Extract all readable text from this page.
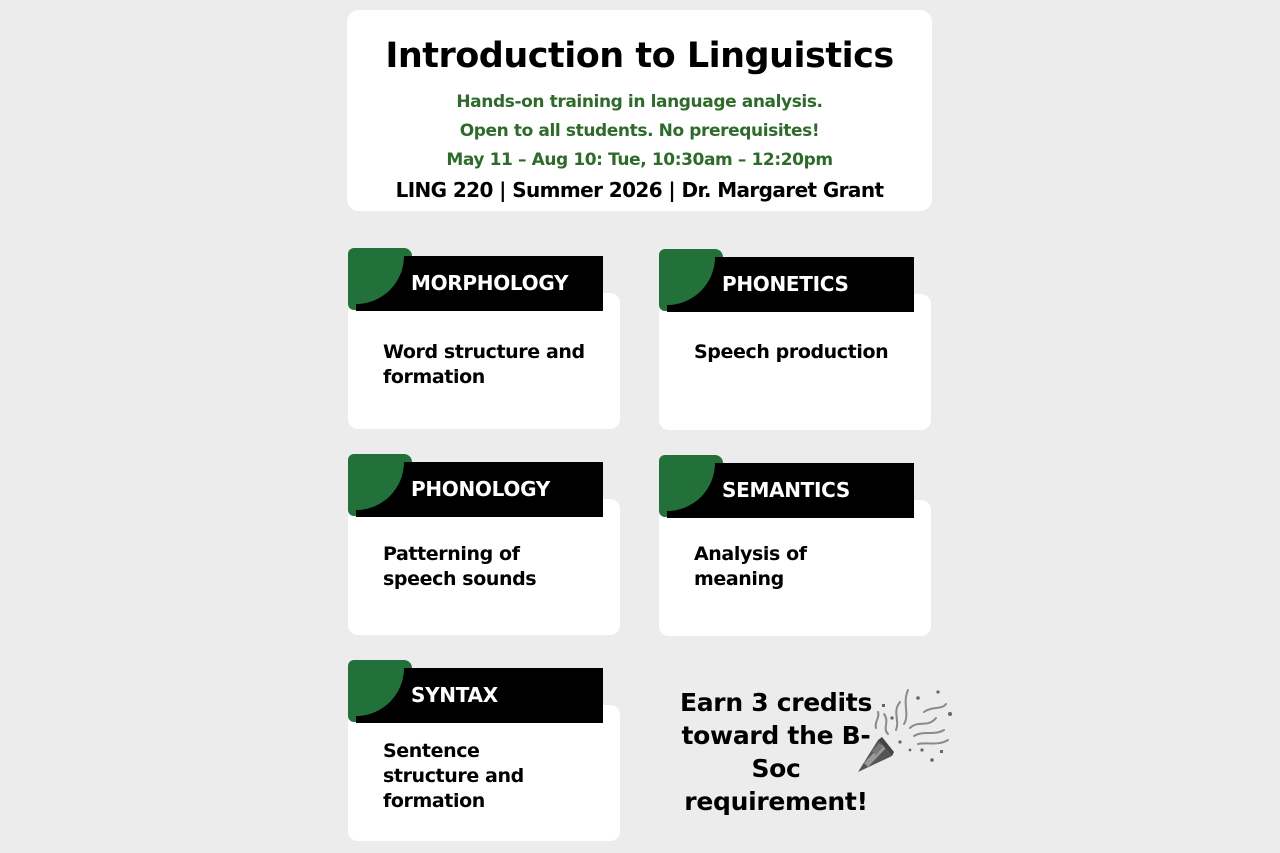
Introduction to Linguistics
Hands-on training in language analysis.
Open to all students. No prerequisites!
May 11 – Aug 10: Tue, 10:30am – 12:20pm
LING 220 | Summer 2026 | Dr. Margaret Grant
MORPHOLOGY
Word structure and formation
PHONETICS
Speech production
PHONOLOGY
Patterning of speech sounds
SEMANTICS
Analysis of meaning
SYNTAX
Sentence structure and formation
Earn 3 credits toward the B-Soc requirement!
